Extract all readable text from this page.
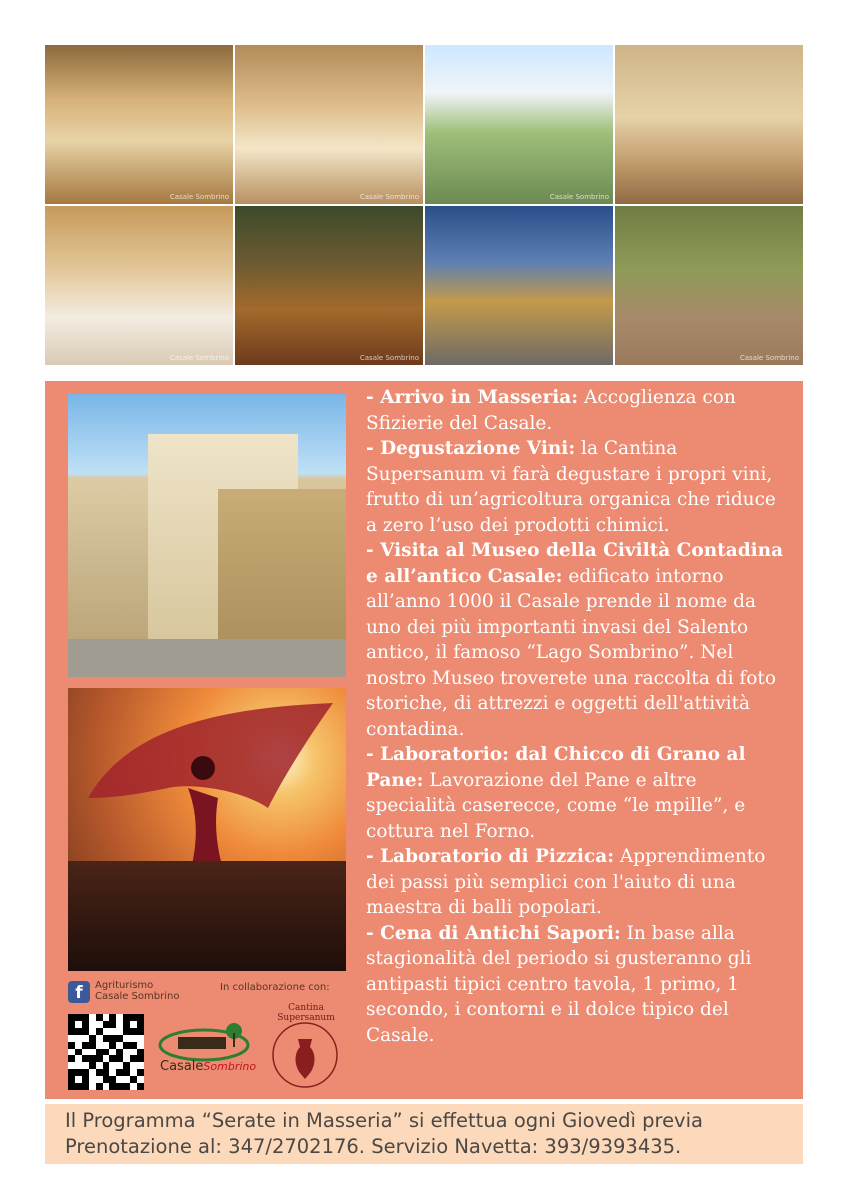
Casale Sombrino	Casale Sombrino	Casale Sombrino
Casale Sombrino	Casale Sombrino	Casale Sombrino

- Arrivo in Masseria: Accoglienza con Sfizierie del Casale.

- Degustazione Vini: la Cantina Supersanum vi farà degustare i propri vini, frutto di un’agricoltura organica che riduce a zero l’uso dei prodotti chimici.

- Visita al Museo della Civiltà Contadina e all’antico Casale: edificato intorno all’anno 1000 il Casale prende il nome da uno dei più importanti invasi del Salento antico, il famoso “Lago Sombrino”. Nel nostro Museo troverete una raccolta di foto storiche, di attrezzi e oggetti dell'attività contadina.

- Laboratorio: dal Chicco di Grano al Pane: Lavorazione del Pane e altre specialità caserecce, come “le mpille”, e cottura nel Forno.

- Laboratorio di Pizzica: Apprendimento dei passi più semplici con l'aiuto di una maestra di balli popolari.

- Cena di Antichi Sapori: In base alla stagionalità del periodo si gusteranno gli antipasti tipici centro tavola, 1 primo, 1 secondo, i contorni e il dolce tipico del Casale.

f	Agriturismo
Casale Sombrino
In collaborazione con:
CasaleSombrino
Cantina
Supersanum

Il Programma “Serate in Masseria” si effettua ogni Giovedì previa

Prenotazione al: 347/2702176. Servizio Navetta: 393/9393435.
